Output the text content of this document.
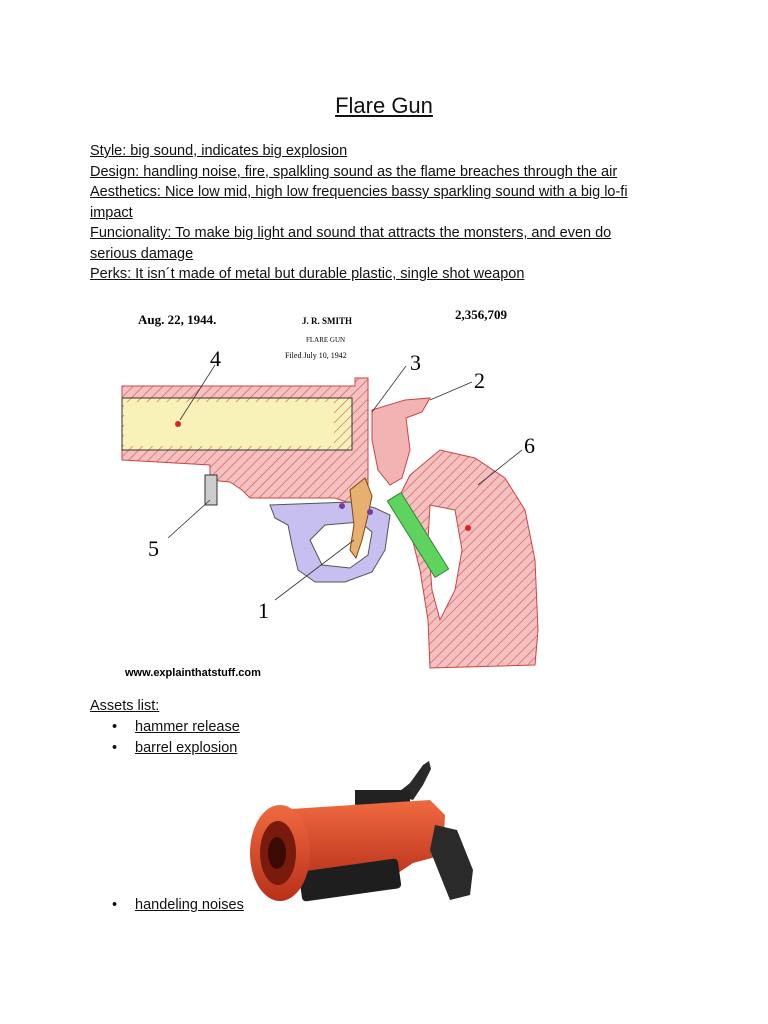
Flare Gun
Style: big sound, indicates big explosion
Design: handling noise, fire, spalkling sound as the flame breaches through the air
Aesthetics: Nice low mid, high low frequencies bassy sparkling sound with a big lo-fi
impact
Funcionality: To make big light and sound that attracts the monsters, and even do
serious damage
Perks: It isn´t made of metal but durable plastic, single shot weapon
Aug. 22, 1944.	J. R. SMITH
FLARE GUN
Filed July 10, 1942
2,356,709
4	3
2
6
5
1
www.explainthatstuff.com
Assets list:
• hammer release
• barrel explosion
• handeling noises
